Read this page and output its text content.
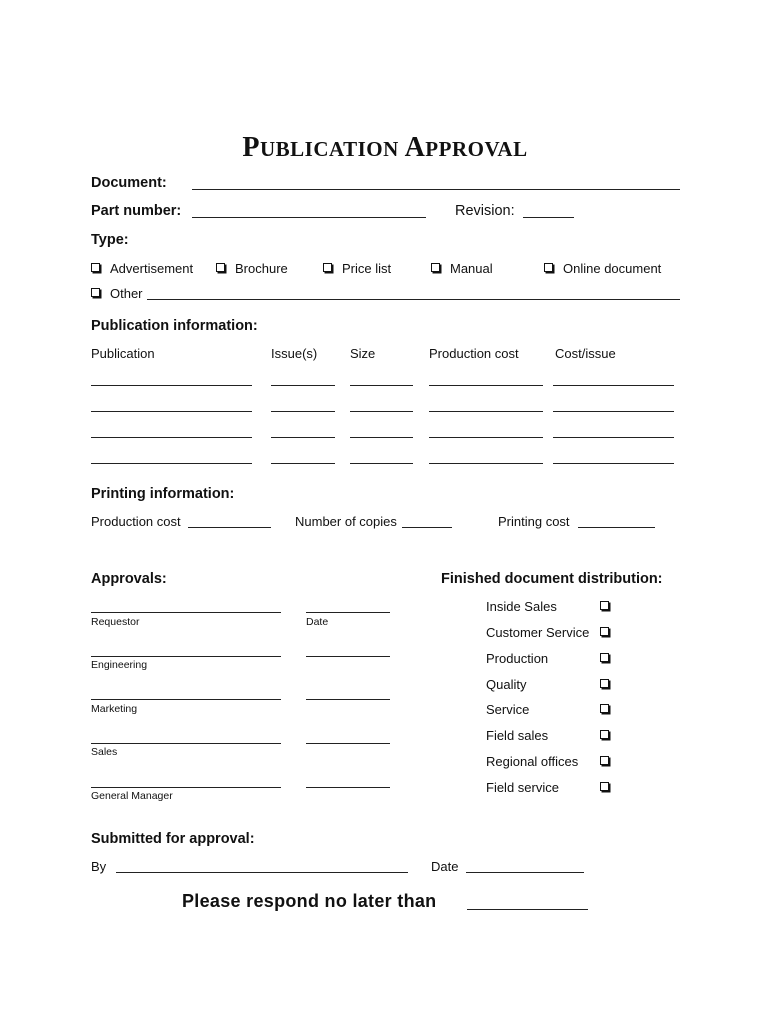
PUBLICATION APPROVAL
Document:
Part number:	Revision:
Type:
Advertisement	Brochure	Price list	Manual	Online document
Other
Publication information:
Publication	Issue(s)	Size	Production cost	Cost/issue
Printing information:
Production cost	Number of copies	Printing cost
Approvals:
Requestor	Date
Engineering
Marketing
Sales
General Manager
Finished document distribution:
Inside Sales
Customer Service
Production
Quality
Service
Field sales
Regional offices
Field service
Submitted for approval:
By	Date
Please respond no later than
